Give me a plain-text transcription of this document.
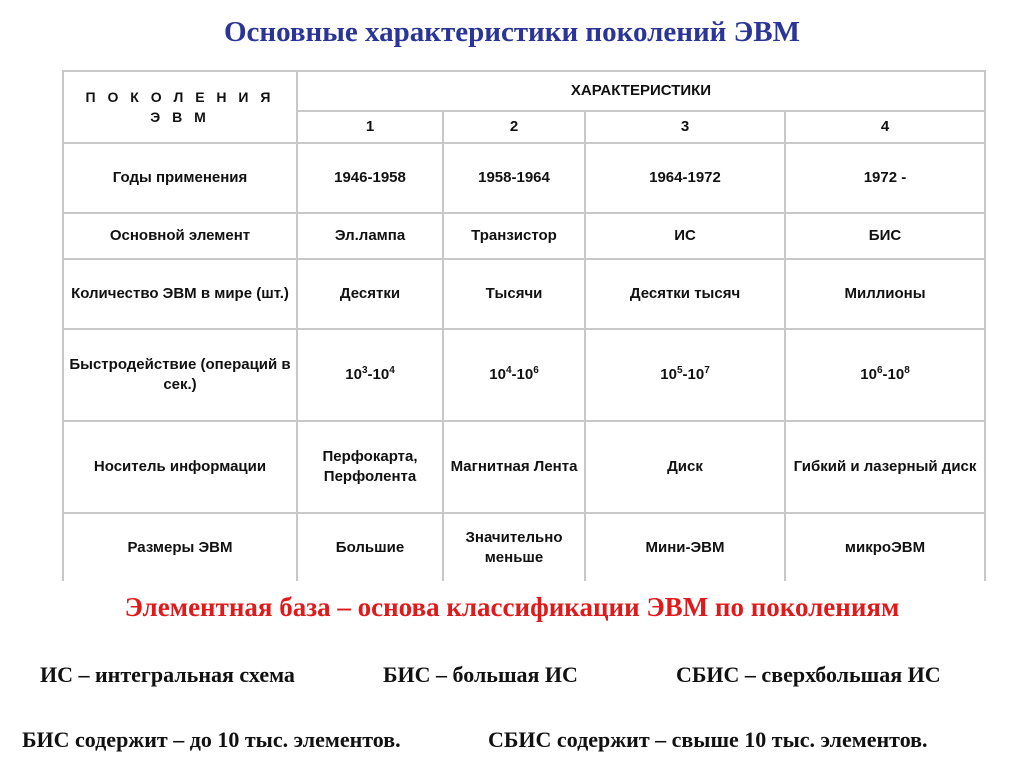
Основные характеристики поколений ЭВМ
П О К О Л Е Н И Я
Э В М	ХАРАКТЕРИСТИКИ			
	1	2	3	4
Годы применения	1946-1958	1958-1964	1964-1972	1972 -
Основной элемент	Эл.лампа	Транзистор	ИС	БИС
Количество ЭВМ в мире (шт.)	Десятки	Тысячи	Десятки тысяч	Миллионы
Быстродействие (операций в сек.)	$10^3-10^4$	$10^4-10^6$	$10^5-10^7$	$10^6-10^8$
Носитель информации	Перфокарта, Перфолента	Магнитная Лента	Диск	Гибкий и лазерный диск
Размеры ЭВМ	Большие	Значительно меньше	Мини-ЭВМ	микроЭВМ
Элементная база – основа классификации ЭВМ по поколениям
ИС – интегральная схема	БИС – большая ИС	СБИС – сверхбольшая ИС
БИС содержит – до 10 тыс. элементов.	СБИС содержит – свыше 10 тыс. элементов.
